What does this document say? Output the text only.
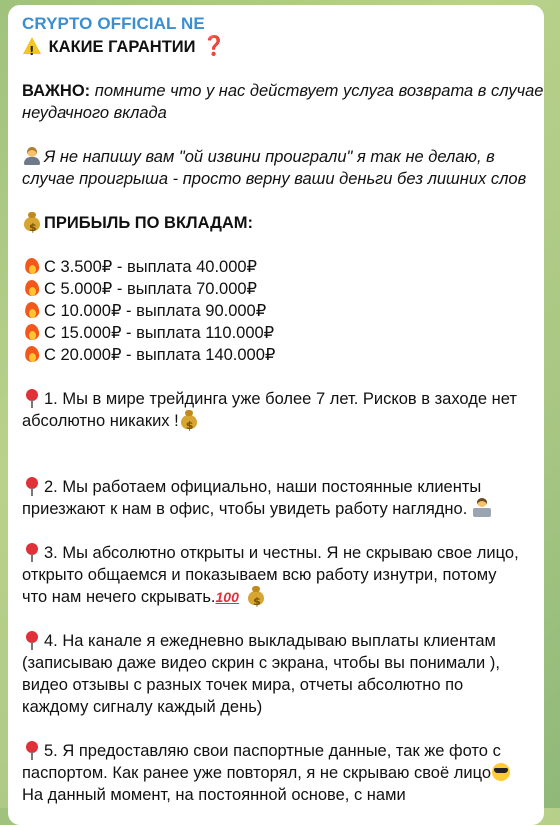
CRYPTO OFFICIAL NE
! КАКИЕ ГАРАНТИИ ❓
ВАЖНО: помните что у нас действует услуга возврата в случае
неудачного вклада
Я не напишу вам "ой извини проиграли" я так не делаю, в
случае проигрыша - просто верну ваши деньги без лишних слов
$ПРИБЫЛЬ ПО ВКЛАДАМ:
С 3.500₽ - выплата 40.000₽
С 5.000₽ - выплата 70.000₽
С 10.000₽ - выплата 90.000₽
С 15.000₽ - выплата 110.000₽
С 20.000₽ - выплата 140.000₽
1. Мы в мире трейдинга уже более 7 лет. Рисков в заходе нет
абсолютно никаких !
$
2. Мы работаем официально, наши постоянные клиенты
приезжают к нам в офис, чтобы увидеть работу наглядно.
3. Мы абсолютно открыты и честны. Я не скрываю свое лицо,
открыто общаемся и показываем всю работу изнутри, потому
что нам нечего скрывать.100
$
4. На канале я ежедневно выкладываю выплаты клиентам
(записываю даже видео скрин с экрана, чтобы вы понимали ),
видео отзывы с разных точек мира, отчеты абсолютно по
каждому сигналу каждый день)
5. Я предоставляю свои паспортные данные, так же фото с
паспортом. Как ранее уже повторял, я не скрываю своё лицо
На данный момент, на постоянной основе, с нами
